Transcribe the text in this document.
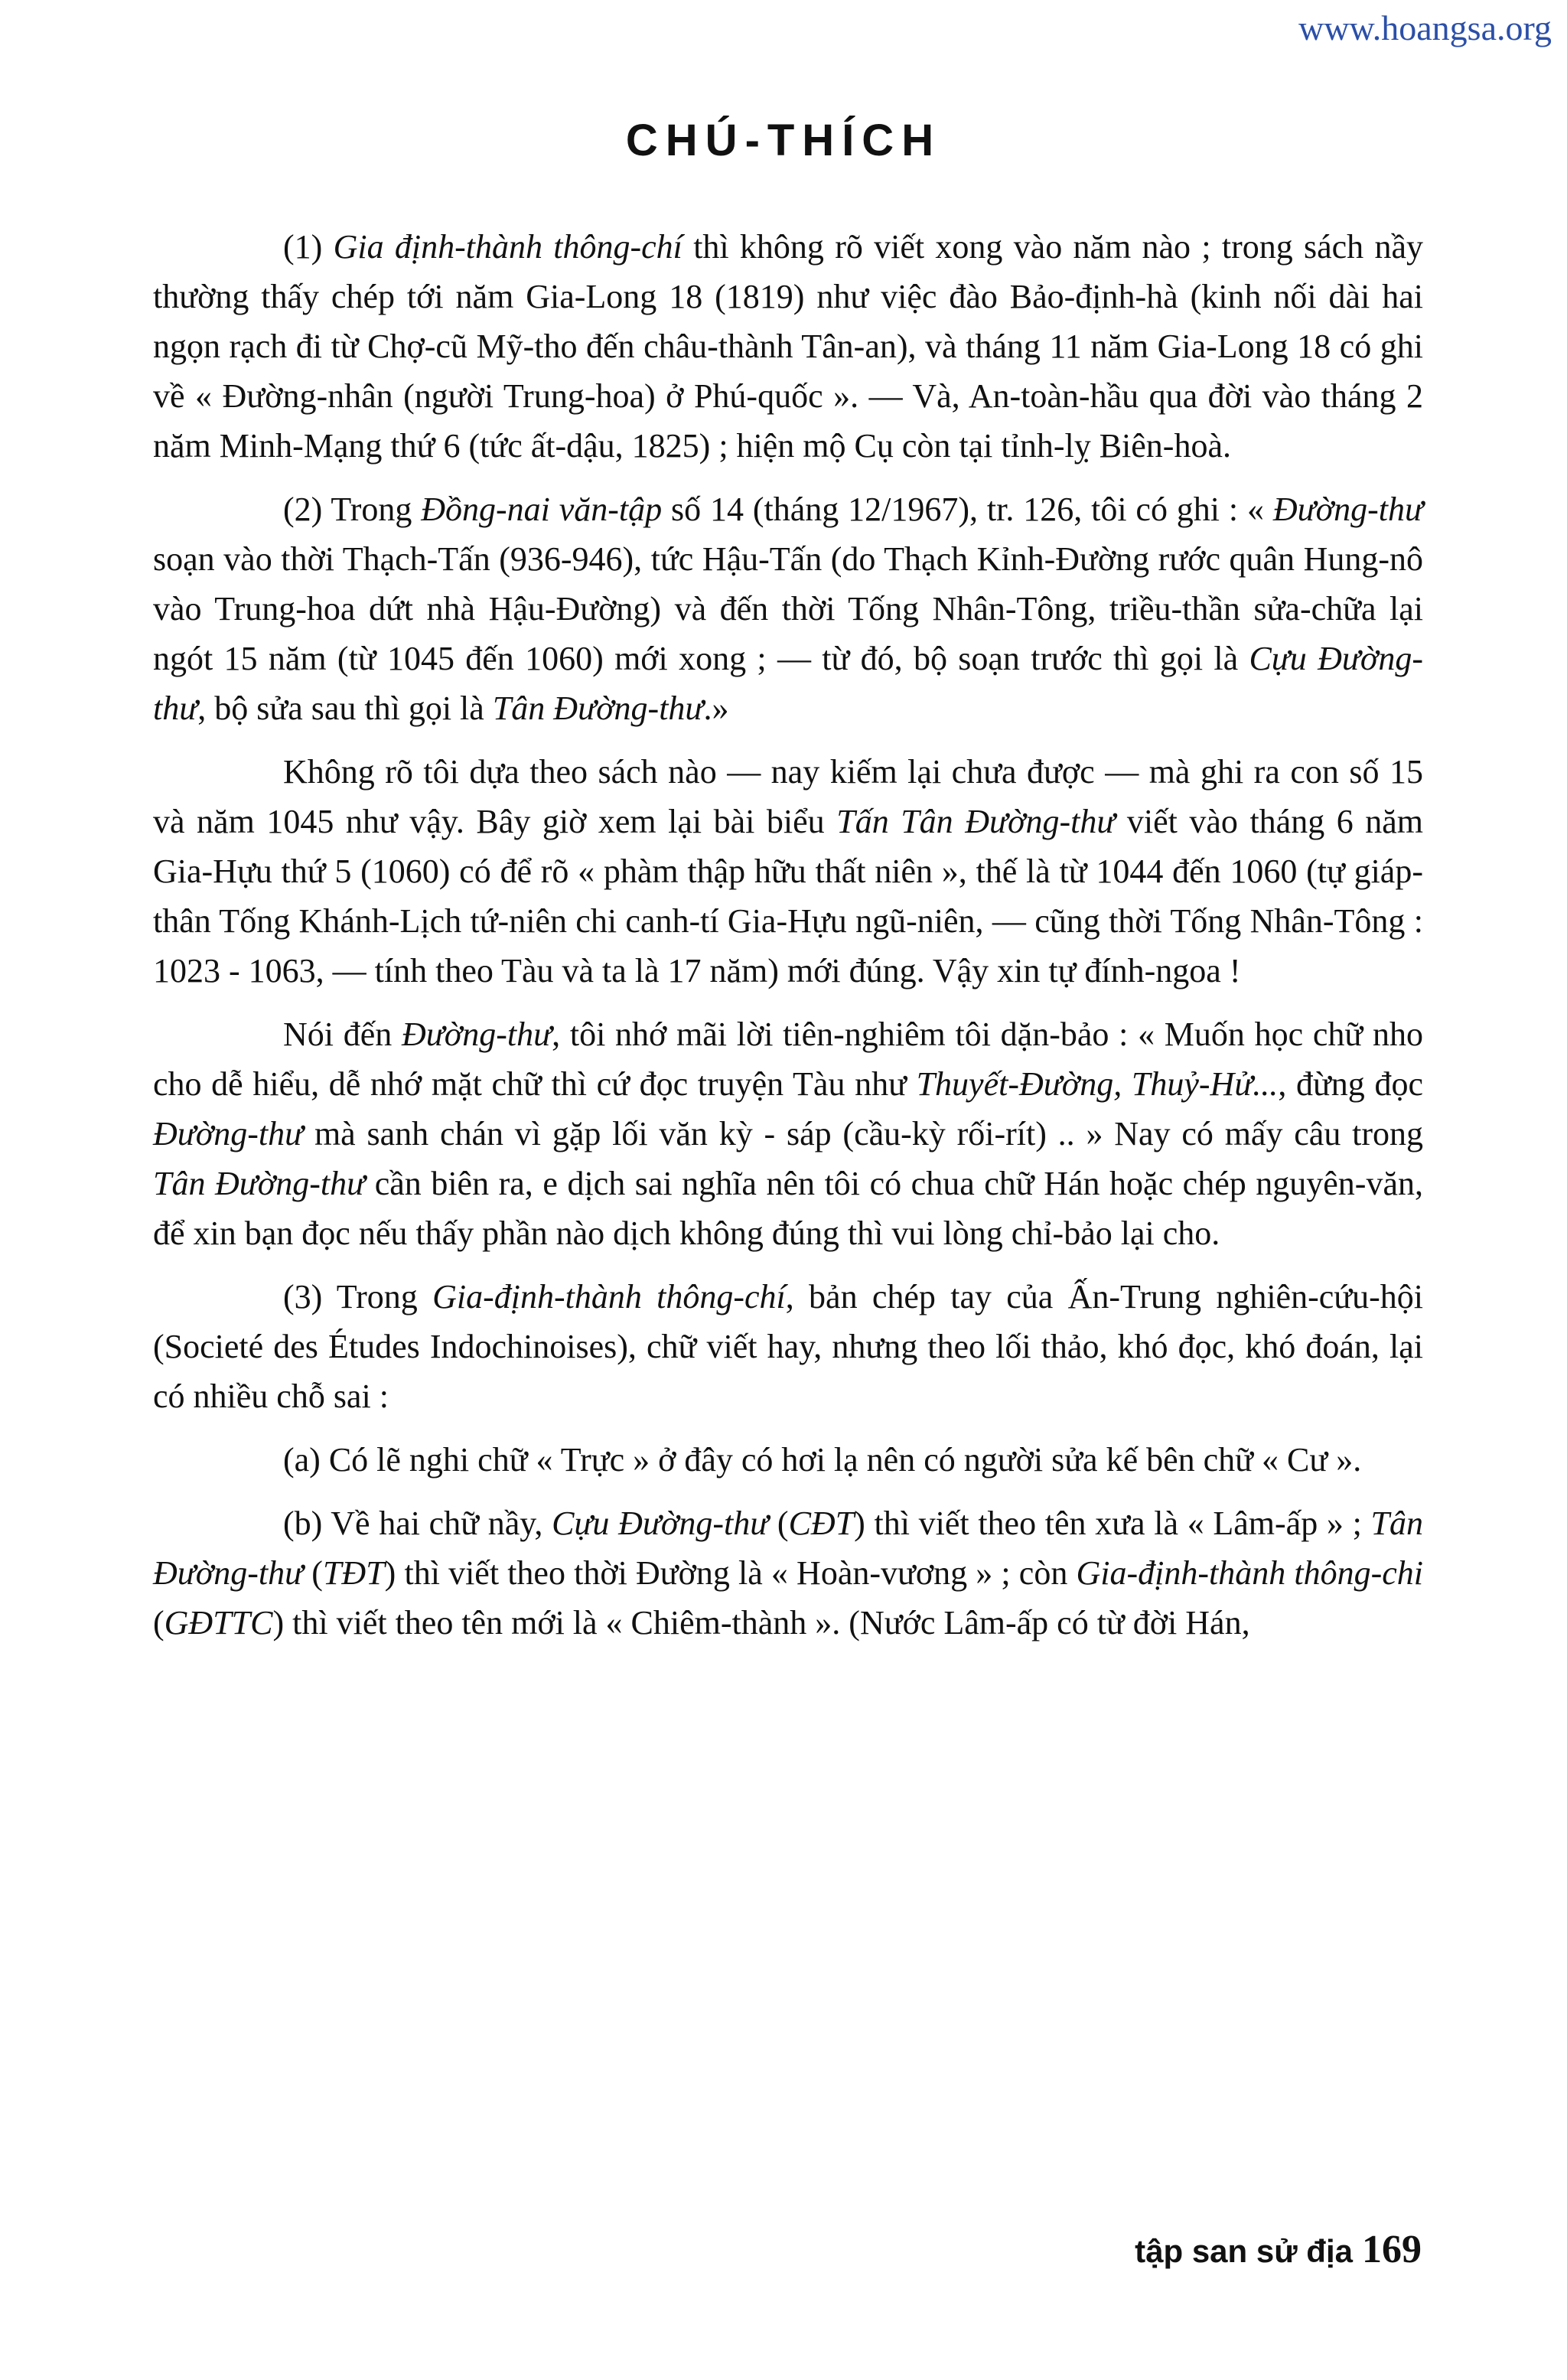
www.hoangsa.org
CHÚ-THÍCH

(1) Gia định-thành thông-chí thì không rõ viết xong vào năm nào ; trong sách nầy thường thấy chép tới năm Gia-Long 18 (1819) như việc đào Bảo-định-hà (kinh nối dài hai ngọn rạch đi từ Chợ-cũ Mỹ-tho đến châu-thành Tân-an), và tháng 11 năm Gia-Long 18 có ghi về « Đường-nhân (người Trung-hoa) ở Phú-quốc ». — Và, An-toàn-hầu qua đời vào tháng 2 năm Minh-Mạng thứ 6 (tức ất-dậu, 1825) ; hiện mộ Cụ còn tại tỉnh-lỵ Biên-hoà.

(2) Trong Đồng-nai văn-tập số 14 (tháng 12/1967), tr. 126, tôi có ghi : « Đường-thư soạn vào thời Thạch-Tấn (936-946), tức Hậu-Tấn (do Thạch Kỉnh-Đường rước quân Hung-nô vào Trung-hoa dứt nhà Hậu-Đường) và đến thời Tống Nhân-Tông, triều-thần sửa-chữa lại ngót 15 năm (từ 1045 đến 1060) mới xong ; — từ đó, bộ soạn trước thì gọi là Cựu Đường-thư, bộ sửa sau thì gọi là Tân Đường-thư.»

Không rõ tôi dựa theo sách nào — nay kiếm lại chưa được — mà ghi ra con số 15 và năm 1045 như vậy. Bây giờ xem lại bài biểu Tấn Tân Đường-thư viết vào tháng 6 năm Gia-Hựu thứ 5 (1060) có để rõ « phàm thập hữu thất niên », thế là từ 1044 đến 1060 (tự giáp-thân Tống Khánh-Lịch tứ-niên chi canh-tí Gia-Hựu ngũ-niên, — cũng thời Tống Nhân-Tông : 1023 - 1063, — tính theo Tàu và ta là 17 năm) mới đúng. Vậy xin tự đính-ngoa !

Nói đến Đường-thư, tôi nhớ mãi lời tiên-nghiêm tôi dặn-bảo : « Muốn học chữ nho cho dễ hiểu, dễ nhớ mặt chữ thì cứ đọc truyện Tàu như Thuyết-Đường, Thuỷ-Hử..., đừng đọc Đường-thư mà sanh chán vì gặp lối văn kỳ - sáp (cầu-kỳ rối-rít) .. » Nay có mấy câu trong Tân Đường-thư cần biên ra, e dịch sai nghĩa nên tôi có chua chữ Hán hoặc chép nguyên-văn, để xin bạn đọc nếu thấy phần nào dịch không đúng thì vui lòng chỉ-bảo lại cho.

(3) Trong Gia-định-thành thông-chí, bản chép tay của Ấn-Trung nghiên-cứu-hội (Societé des Études Indochinoises), chữ viết hay, nhưng theo lối thảo, khó đọc, khó đoán, lại có nhiều chỗ sai :

(a) Có lẽ nghi chữ « Trực » ở đây có hơi lạ nên có người sửa kế bên chữ « Cư ».

(b) Về hai chữ nầy, Cựu Đường-thư (CĐT) thì viết theo tên xưa là « Lâm-ấp » ; Tân Đường-thư (TĐT) thì viết theo thời Đường là « Hoàn-vương » ; còn Gia-định-thành thông-chi (GĐTTC) thì viết theo tên mới là « Chiêm-thành ». (Nước Lâm-ấp có từ đời Hán,

tập san sử địa 169
